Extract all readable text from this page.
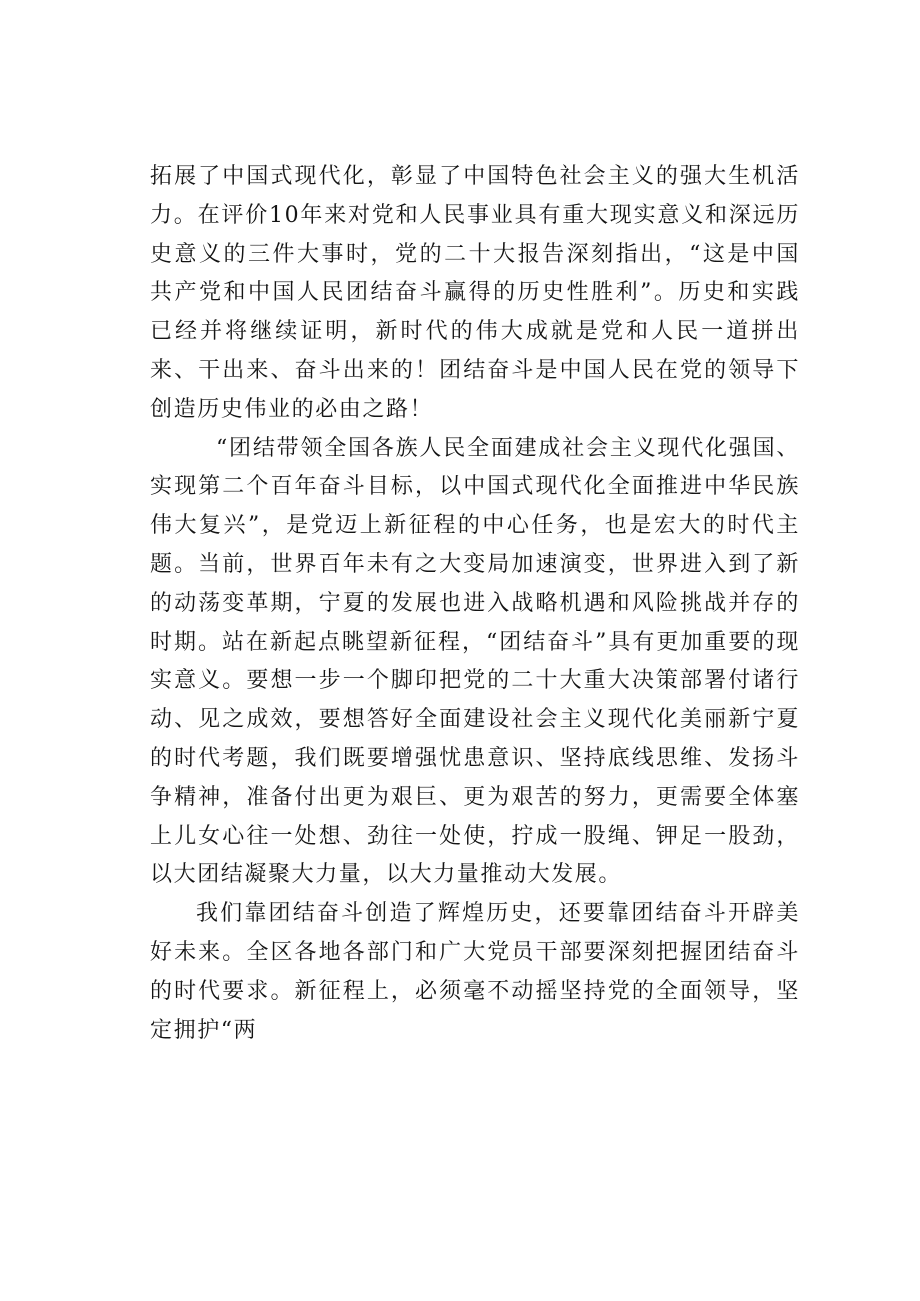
拓展了中国式现代化，彰显了中国特色社会主义的强大生机活力。在评价10年来对党和人民事业具有重大现实意义和深远历史意义的三件大事时，党的二十大报告深刻指出，“这是中国共产党和中国人民团结奋斗赢得的历史性胜利”。历史和实践已经并将继续证明，新时代的伟大成就是党和人民一道拼出来、干出来、奋斗出来的！团结奋斗是中国人民在党的领导下创造历史伟业的必由之路！

“团结带领全国各族人民全面建成社会主义现代化强国、实现第二个百年奋斗目标，以中国式现代化全面推进中华民族伟大复兴”，是党迈上新征程的中心任务，也是宏大的时代主题。当前，世界百年未有之大变局加速演变，世界进入到了新的动荡变革期，宁夏的发展也进入战略机遇和风险挑战并存的时期。站在新起点眺望新征程，“团结奋斗”具有更加重要的现实意义。要想一步一个脚印把党的二十大重大决策部署付诸行动、见之成效，要想答好全面建设社会主义现代化美丽新宁夏的时代考题，我们既要增强忧患意识、坚持底线思维、发扬斗争精神，准备付出更为艰巨、更为艰苦的努力，更需要全体塞上儿女心往一处想、劲往一处使，拧成一股绳、钾足一股劲，以大团结凝聚大力量，以大力量推动大发展。

我们靠团结奋斗创造了辉煌历史，还要靠团结奋斗开辟美好未来。全区各地各部门和广大党员干部要深刻把握团结奋斗的时代要求。新征程上，必须毫不动摇坚持党的全面领导，坚定拥护“两
